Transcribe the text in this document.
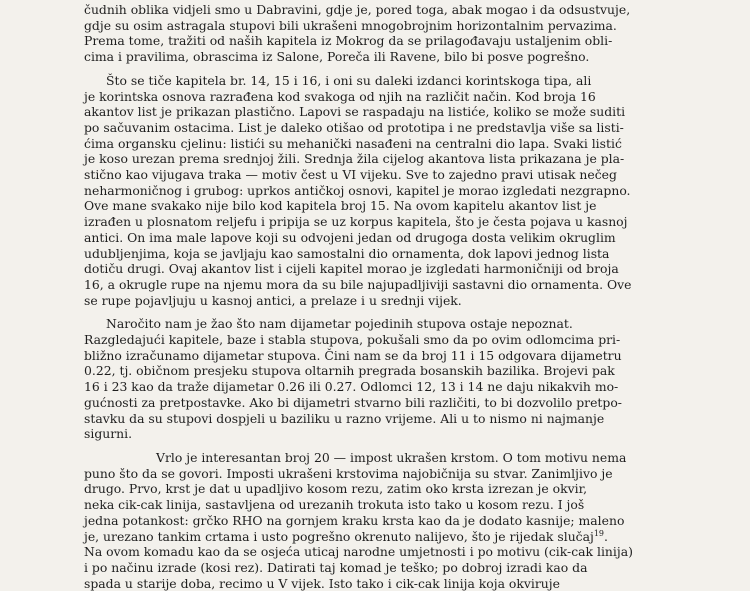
čudnih oblika vidjeli smo u Dabravini, gdje je, pored toga, abak mogao i da odsustvuje,
gdje su osim astragala stupovi bili ukrašeni mnogobrojnim horizontalnim pervazima.
Prema tome, tražiti od naših kapitela iz Mokrog da se prilagođavaju ustaljenim obli-
cima i pravilima, obrascima iz Salone, Poreča ili Ravene, bilo bi posve pogrešno.
Što se tiče kapitela br. 14, 15 i 16, i oni su daleki izdanci korintskoga tipa, ali
je korintska osnova razrađena kod svakoga od njih na različit način. Kod broja 16
akantov list je prikazan plastično. Lapovi se raspadaju na listiće, koliko se može suditi
po sačuvanim ostacima. List je daleko otišao od prototipa i ne predstavlja više sa listi-
ćima organsku cjelinu: listići su mehanički nasađeni na centralni dio lapa. Svaki listić
je koso urezan prema srednjoj žili. Srednja žila cijelog akantova lista prikazana je pla-
stično kao vijugava traka — motiv čest u VI vijeku. Sve to zajedno pravi utisak nečeg
neharmoničnog i grubog: uprkos antičkoj osnovi, kapitel je morao izgledati nezgrapno.
Ove mane svakako nije bilo kod kapitela broj 15. Na ovom kapitelu akantov list je
izrađen u plosnatom reljefu i pripija se uz korpus kapitela, što je česta pojava u kasnoj
antici. On ima male lapove koji su odvojeni jedan od drugoga dosta velikim okruglim
udubljenjima, koja se javljaju kao samostalni dio ornamenta, dok lapovi jednog lista
dotiču drugi. Ovaj akantov list i cijeli kapitel morao je izgledati harmoničniji od broja
16, a okrugle rupe na njemu mora da su bile najupadljiviji sastavni dio ornamenta. Ove
se rupe pojavljuju u kasnoj antici, a prelaze i u srednji vijek.
Naročito nam je žao što nam dijametar pojedinih stupova ostaje nepoznat.
Razgledajući kapitele, baze i stabla stupova, pokušali smo da po ovim odlomcima pri-
bližno izračunamo dijametar stupova. Čini nam se da broj 11 i 15 odgovara dijametru
0.22, tj. običnom presjeku stupova oltarnih pregrada bosanskih bazilika. Brojevi pak
16 i 23 kao da traže dijametar 0.26 ili 0.27. Odlomci 12, 13 i 14 ne daju nikakvih mo-
gućnosti za pretpostavke. Ako bi dijametri stvarno bili različiti, to bi dozvolilo pretpo-
stavku da su stupovi dospjeli u baziliku u razno vrijeme. Ali u to nismo ni najmanje
sigurni.
Vrlo je interesantan broj 20 — impost ukrašen krstom. O tom motivu nema
puno što da se govori. Imposti ukrašeni krstovima najobičnija su stvar. Zanimljivo je
drugo. Prvo, krst je dat u upadljivo kosom rezu, zatim oko krsta izrezan je okvir,
neka cik-cak linija, sastavljena od urezanih trokuta isto tako u kosom rezu. I još
jedna potankost: grčko RHO na gornjem kraku krsta kao da je dodato kasnije; maleno
je, urezano tankim crtama i usto pogrešno okrenuto nalijevo, što je rijedak slučaj$^{19}$.
Na ovom komadu kao da se osjeća uticaj narodne umjetnosti i po motivu (cik-cak linija)
i po načinu izrade (kosi rez). Datirati taj komad je teško; po dobroj izradi kao da
spada u starije doba, recimo u V vijek. Isto tako i cik-cak linija koja okviruje
